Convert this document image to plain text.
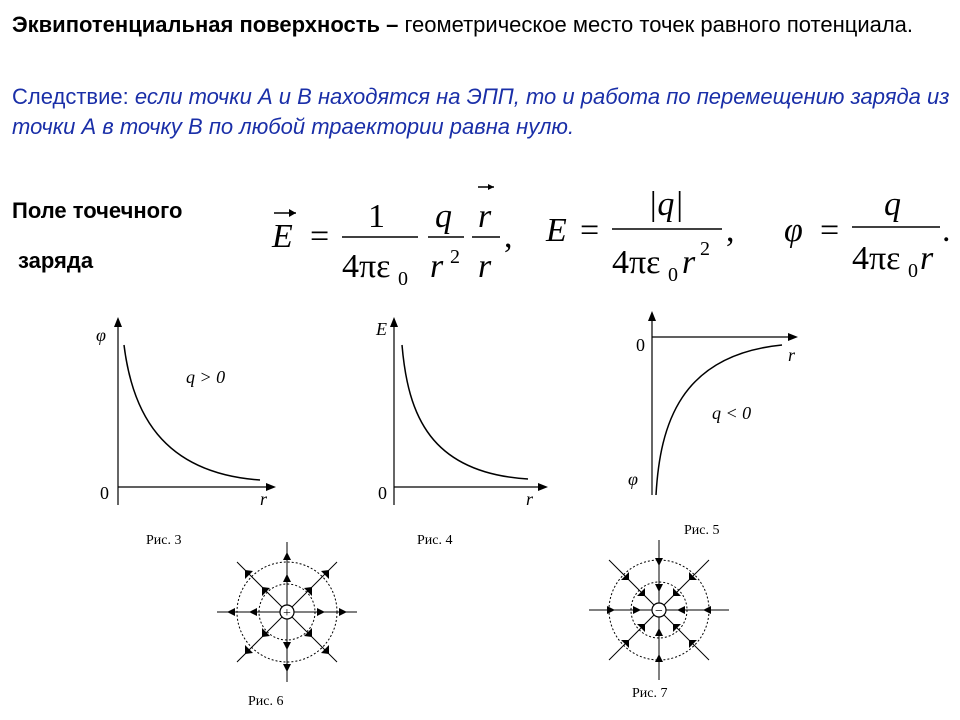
Эквипотенциальная поверхность – геометрическое место точек равного потенциала.

Следствие: если точки А и В находятся на ЭПП, то и работа по перемещению заряда из точки А в точку В по любой траектории равна нулю.

Поле точечного
заряда
E =
1
4πε 0
q
r 2
r
r
, E =
|q|
4πε 0 r 2 , φ =
q
4πε 0 r
.
φ
r
0
q > 0
Рис. 3
E
r
0
Рис. 4
φ
r
0
q < 0
Рис. 5
+
Рис. 6
−
Рис. 7
